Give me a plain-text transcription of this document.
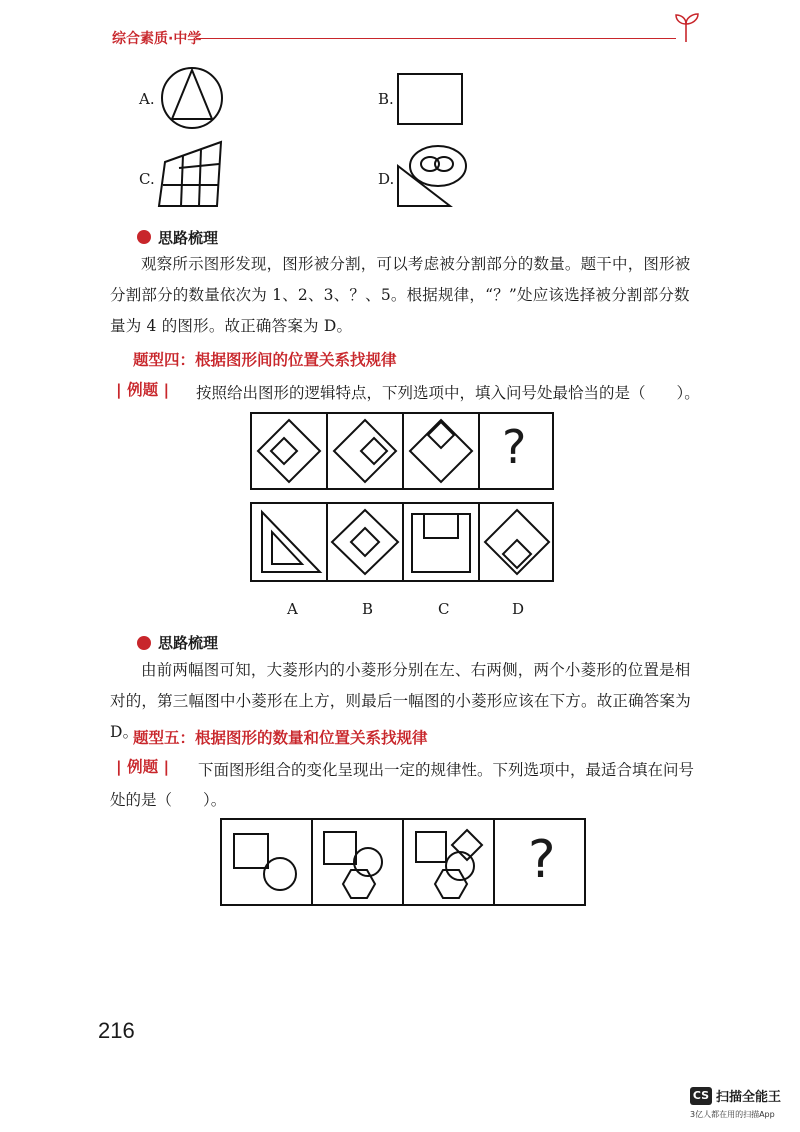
综合素质·中学
A.	B.
C.	D.
思路梳理
观察所示图形发现，图形被分割，可以考虑被分割部分的数量。题干中，图形被分割部分的数量依次为 1、2、3、？、5。根据规律，“？”处应该选择被分割部分数量为 4 的图形。故正确答案为 D。
题型四：根据图形间的位置关系找规律
| 例题 | 按照给出图形的逻辑特点，下列选项中，填入问号处最恰当的是（　　）。
?
A	B	C	D
思路梳理
由前两幅图可知，大菱形内的小菱形分别在左、右两侧，两个小菱形的位置是相对的，第三幅图中小菱形在上方，则最后一幅图的小菱形应该在下方。故正确答案为 D。
题型五：根据图形的数量和位置关系找规律
| 例题 |	下面图形组合的变化呈现出一定的规律性。下列选项中，最适合填在问号处的是（　　）。
?
216
CS 扫描全能王
3亿人都在用的扫描App
